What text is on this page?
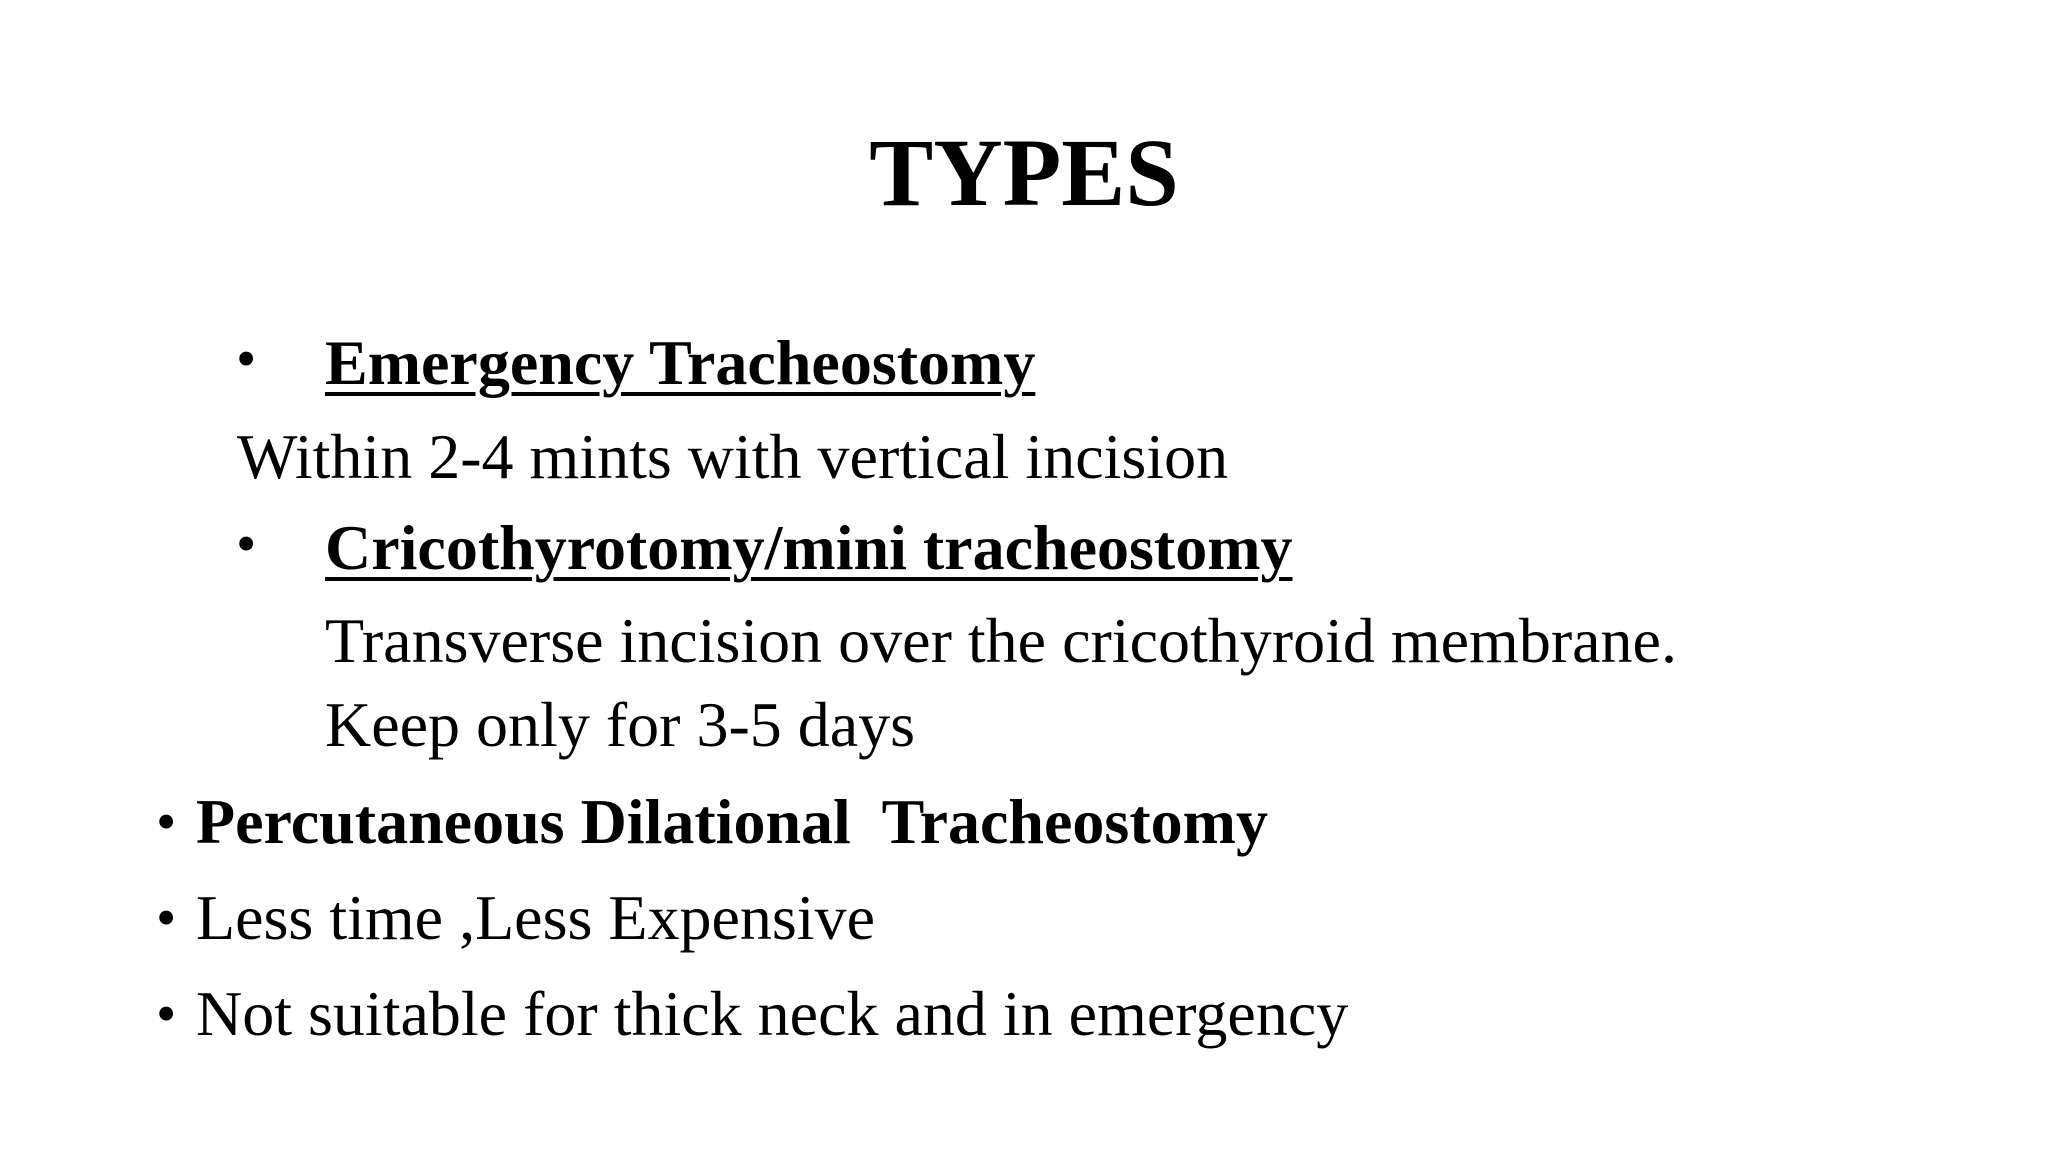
TYPES
• Emergency Tracheostomy
Within 2-4 mints with vertical incision
• Cricothyrotomy/mini tracheostomy
Transverse incision over the cricothyroid membrane.
Keep only for 3-5 days
• Percutaneous Dilational  Tracheostomy
• Less time ,Less Expensive
• Not suitable for thick neck and in emergency
